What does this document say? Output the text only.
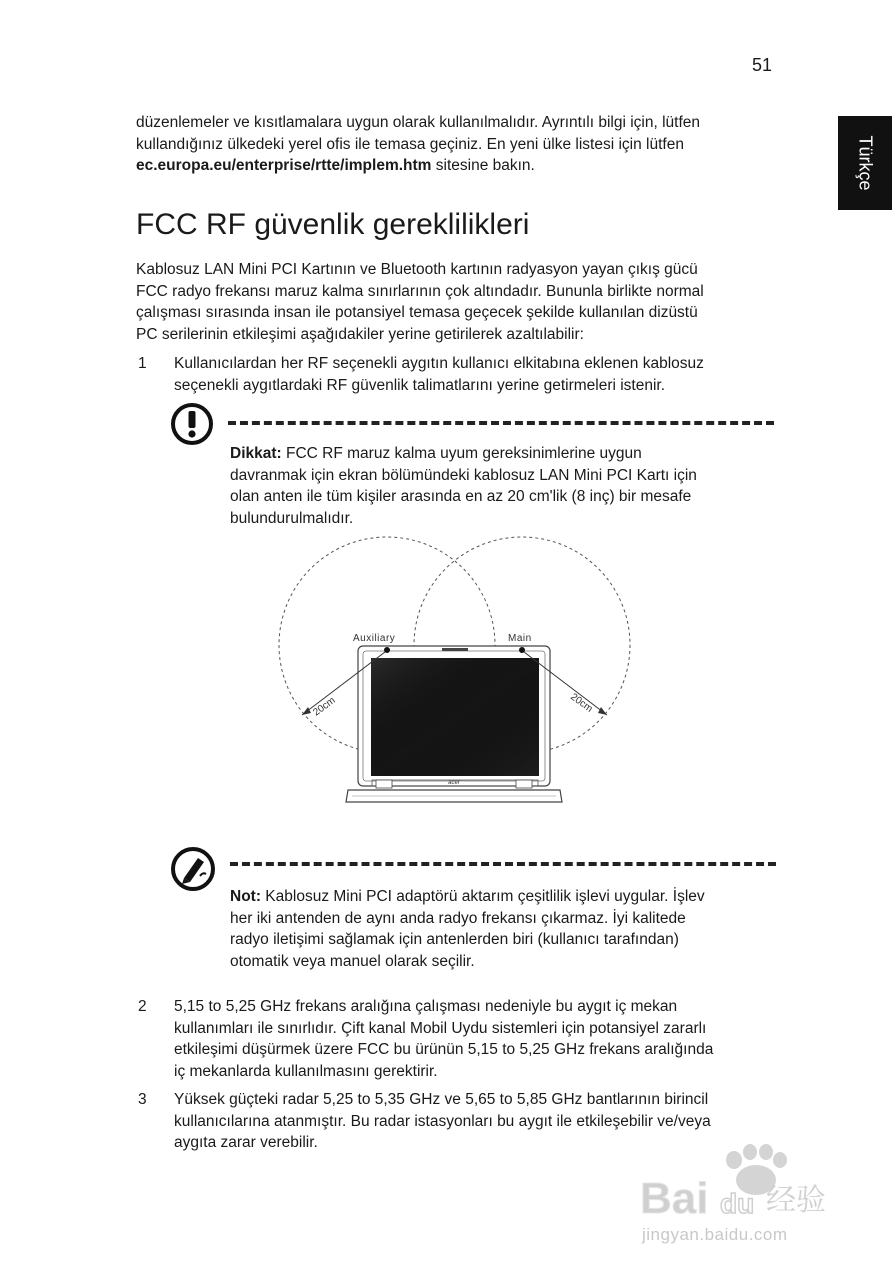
51
Türkçe
düzenlemeler ve kısıtlamalara uygun olarak kullanılmalıdır. Ayrıntılı bilgi için, lütfen
kullandığınız ülkedeki yerel ofis ile temasa geçiniz. En yeni ülke listesi için lütfen
ec.europa.eu/enterprise/rtte/implem.htm sitesine bakın.
FCC RF güvenlik gereklilikleri
Kablosuz LAN Mini PCI Kartının ve Bluetooth kartının radyasyon yayan çıkış gücü
FCC radyo frekansı maruz kalma sınırlarının çok altındadır. Bununla birlikte normal
çalışması sırasında insan ile potansiyel temasa geçecek şekilde kullanılan dizüstü
PC serilerinin etkileşimi aşağıdakiler yerine getirilerek azaltılabilir:
1 Kullanıcılardan her RF seçenekli aygıtın kullanıcı elkitabına eklenen kablosuz
seçenekli aygıtlardaki RF güvenlik talimatlarını yerine getirmeleri istenir.
Dikkat: FCC RF maruz kalma uyum gereksinimlerine uygun
davranmak için ekran bölümündeki kablosuz LAN Mini PCI Kartı için
olan anten ile tüm kişiler arasında en az 20 cm'lik (8 inç) bir mesafe
bulundurulmalıdır.
acer
Auxiliary	Main
20cm	20cm
Not: Kablosuz Mini PCI adaptörü aktarım çeşitlilik işlevi uygular. İşlev
her iki antenden de aynı anda radyo frekansı çıkarmaz. İyi kalitede
radyo iletişimi sağlamak için antenlerden biri (kullanıcı tarafından)
otomatik veya manuel olarak seçilir.
2 5,15 to 5,25 GHz frekans aralığına çalışması nedeniyle bu aygıt iç mekan
kullanımları ile sınırlıdır. Çift kanal Mobil Uydu sistemleri için potansiyel zararlı
etkileşimi düşürmek üzere FCC bu ürünün 5,15 to 5,25 GHz frekans aralığında
iç mekanlarda kullanılmasını gerektirir.
3 Yüksek güçteki radar 5,25 to 5,35 GHz ve 5,65 to 5,85 GHz bantlarının birincil
kullanıcılarına atanmıştır. Bu radar istasyonları bu aygıt ile etkileşebilir ve/veya
aygıta zarar verebilir.
Bai du 经验
jingyan.baidu.com
